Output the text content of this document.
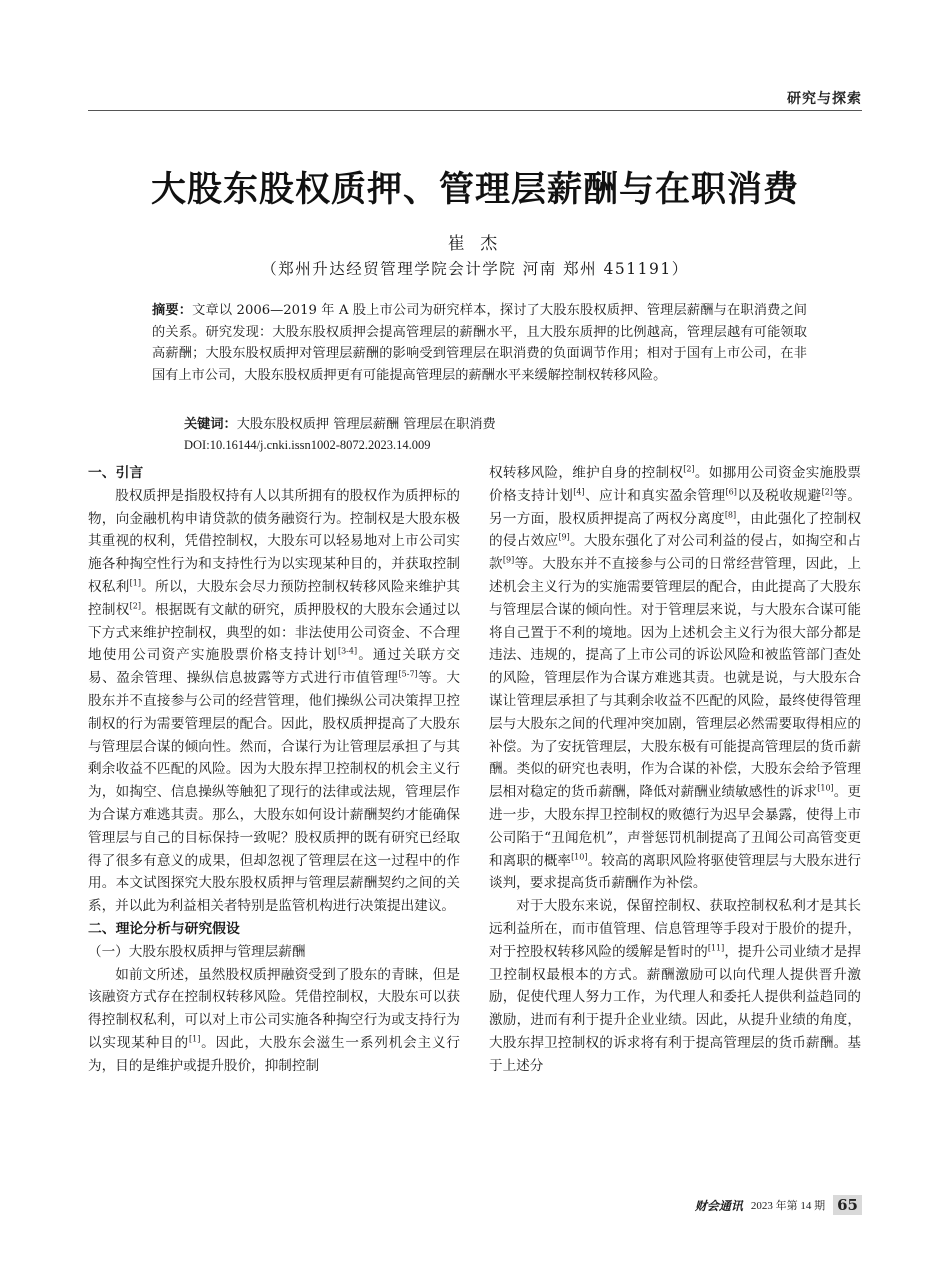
研究与探索
大股东股权质押、管理层薪酬与在职消费
崔 杰
（郑州升达经贸管理学院会计学院 河南 郑州 451191）
摘要：文章以 2006—2019 年 A 股上市公司为研究样本，探讨了大股东股权质押、管理层薪酬与在职消费之间的关系。研究发现：大股东股权质押会提高管理层的薪酬水平，且大股东质押的比例越高，管理层越有可能领取高薪酬；大股东股权质押对管理层薪酬的影响受到管理层在职消费的负面调节作用；相对于国有上市公司，在非国有上市公司，大股东股权质押更有可能提高管理层的薪酬水平来缓解控制权转移风险。
关键词：大股东股权质押 管理层薪酬 管理层在职消费
DOI:10.16144/j.cnki.issn1002-8072.2023.14.009
一、引言

股权质押是指股权持有人以其所拥有的股权作为质押标的物，向金融机构申请贷款的债务融资行为。控制权是大股东极其重视的权利，凭借控制权，大股东可以轻易地对上市公司实施各种掏空性行为和支持性行为以实现某种目的，并获取控制权私利[1]。所以，大股东会尽力预防控制权转移风险来维护其控制权[2]。根据既有文献的研究，质押股权的大股东会通过以下方式来维护控制权，典型的如：非法使用公司资金、不合理地使用公司资产实施股票价格支持计划[3-4]。通过关联方交易、盈余管理、操纵信息披露等方式进行市值管理[5-7]等。大股东并不直接参与公司的经营管理，他们操纵公司决策捍卫控制权的行为需要管理层的配合。因此，股权质押提高了大股东与管理层合谋的倾向性。然而，合谋行为让管理层承担了与其剩余收益不匹配的风险。因为大股东捍卫控制权的机会主义行为，如掏空、信息操纵等触犯了现行的法律或法规，管理层作为合谋方难逃其责。那么，大股东如何设计薪酬契约才能确保管理层与自己的目标保持一致呢？股权质押的既有研究已经取得了很多有意义的成果，但却忽视了管理层在这一过程中的作用。本文试图探究大股东股权质押与管理层薪酬契约之间的关系，并以此为利益相关者特别是监管机构进行决策提出建议。

二、理论分析与研究假设
（一）大股东股权质押与管理层薪酬

如前文所述，虽然股权质押融资受到了股东的青睐，但是该融资方式存在控制权转移风险。凭借控制权，大股东可以获得控制权私利，可以对上市公司实施各种掏空行为或支持行为以实现某种目的[1]。因此，大股东会滋生一系列机会主义行为，目的是维护或提升股价，抑制控制

权转移风险，维护自身的控制权[2]。如挪用公司资金实施股票价格支持计划[4]、应计和真实盈余管理[6]以及税收规避[2]等。另一方面，股权质押提高了两权分离度[8]，由此强化了控制权的侵占效应[9]。大股东强化了对公司利益的侵占，如掏空和占款[9]等。大股东并不直接参与公司的日常经营管理，因此，上述机会主义行为的实施需要管理层的配合，由此提高了大股东与管理层合谋的倾向性。对于管理层来说，与大股东合谋可能将自己置于不利的境地。因为上述机会主义行为很大部分都是违法、违规的，提高了上市公司的诉讼风险和被监管部门查处的风险，管理层作为合谋方难逃其责。也就是说，与大股东合谋让管理层承担了与其剩余收益不匹配的风险，最终使得管理层与大股东之间的代理冲突加剧，管理层必然需要取得相应的补偿。为了安抚管理层，大股东极有可能提高管理层的货币薪酬。类似的研究也表明，作为合谋的补偿，大股东会给予管理层相对稳定的货币薪酬，降低对薪酬业绩敏感性的诉求[10]。更进一步，大股东捍卫控制权的败德行为迟早会暴露，使得上市公司陷于“丑闻危机”，声誉惩罚机制提高了丑闻公司高管变更和离职的概率[10]。较高的离职风险将驱使管理层与大股东进行谈判，要求提高货币薪酬作为补偿。

对于大股东来说，保留控制权、获取控制权私利才是其长远利益所在，而市值管理、信息管理等手段对于股价的提升，对于控股权转移风险的缓解是暂时的[11]，提升公司业绩才是捍卫控制权最根本的方式。薪酬激励可以向代理人提供晋升激励，促使代理人努力工作，为代理人和委托人提供利益趋同的激励，进而有利于提升企业业绩。因此，从提升业绩的角度，大股东捍卫控制权的诉求将有利于提高管理层的货币薪酬。基于上述分

财会通讯 2023 年第 14 期 65
